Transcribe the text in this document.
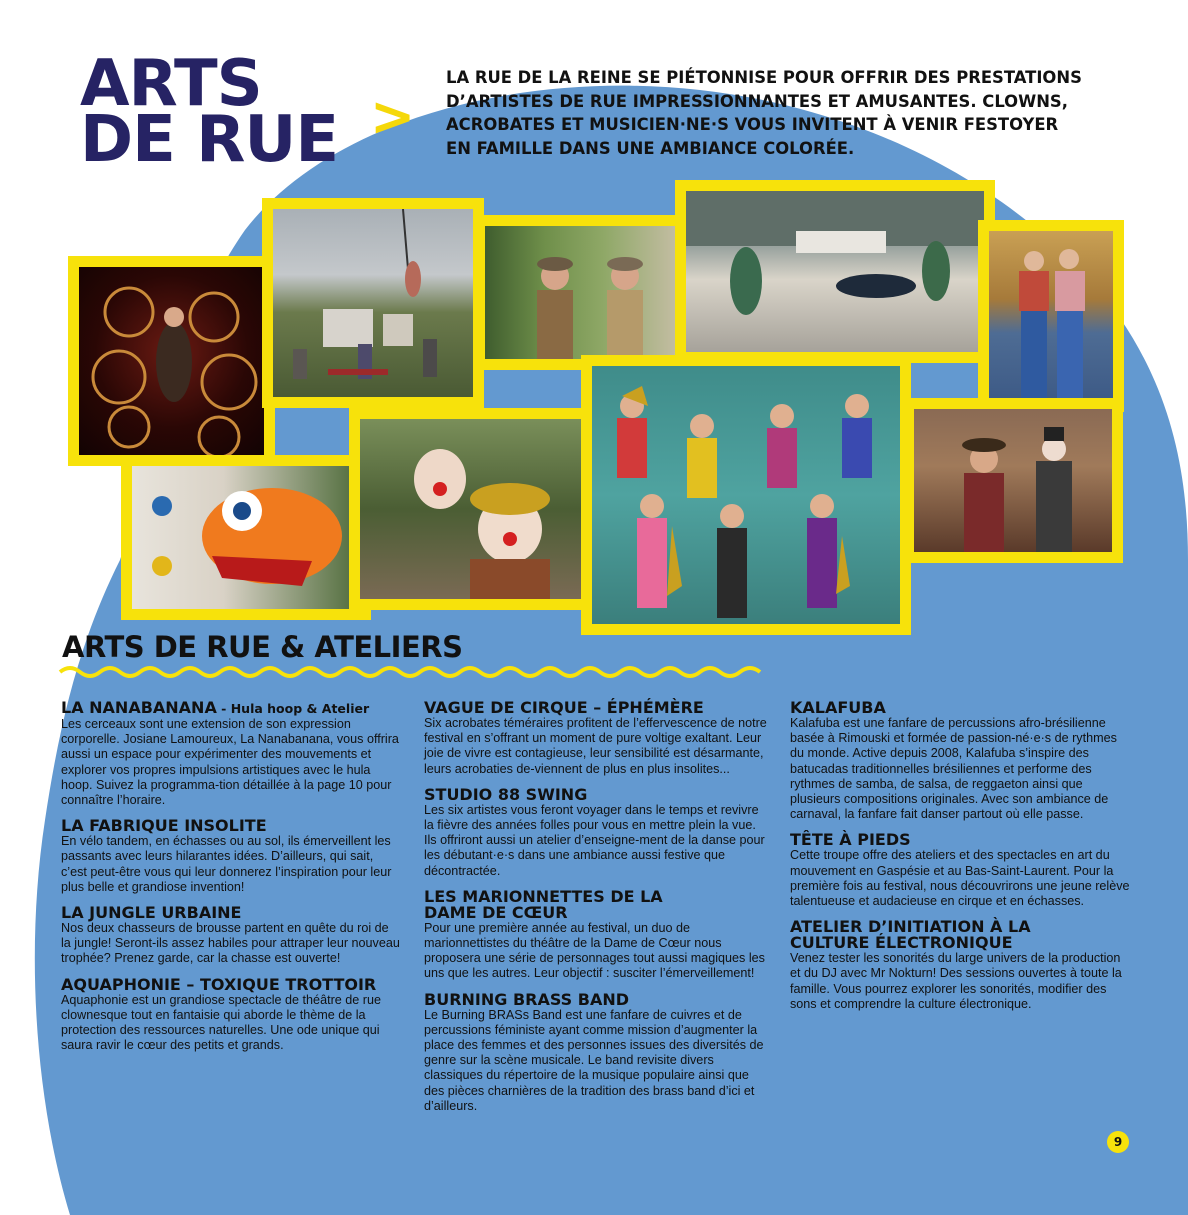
ARTS
DE RUE >

LA RUE DE LA REINE SE PIÉTONNISE POUR OFFRIR DES PRESTATIONS D’ARTISTES DE RUE IMPRESSIONNANTES ET AMUSANTES. CLOWNS, ACROBATES ET MUSICIEN·NE·S VOUS INVITENT À VENIR FESTOYER EN FAMILLE DANS UNE AMBIANCE COLORÉE.

ARTS DE RUE & ATELIERS
LA NANABANANA - Hula hoop & Atelier

Les cerceaux sont une extension de son expression corporelle. Josiane Lamoureux, La Nanabanana, vous offrira aussi un espace pour expérimenter des mouvements et explorer vos propres impulsions artistiques avec le hula hoop. Suivez la programma-tion détaillée à la page 10 pour connaître l’horaire.

LA FABRIQUE INSOLITE

En vélo tandem, en échasses ou au sol, ils émerveillent les passants avec leurs hilarantes idées. D’ailleurs, qui sait, c’est peut-être vous qui leur donnerez l’inspiration pour leur plus belle et grandiose invention!

LA JUNGLE URBAINE

Nos deux chasseurs de brousse partent en quête du roi de la jungle! Seront-ils assez habiles pour attraper leur nouveau trophée? Prenez garde, car la chasse est ouverte!

AQUAPHONIE – TOXIQUE TROTTOIR

Aquaphonie est un grandiose spectacle de théâtre de rue clownesque tout en fantaisie qui aborde le thème de la protection des ressources naturelles. Une ode unique qui saura ravir le cœur des petits et grands.

VAGUE DE CIRQUE – ÉPHÉMÈRE

Six acrobates téméraires profitent de l’effervescence de notre festival en s’offrant un moment de pure voltige exaltant. Leur joie de vivre est contagieuse, leur sensibilité est désarmante, leurs acrobaties de-viennent de plus en plus insolites...

STUDIO 88 SWING

Les six artistes vous feront voyager dans le temps et revivre la fièvre des années folles pour vous en mettre plein la vue. Ils offriront aussi un atelier d’enseigne-ment de la danse pour les débutant·e·s dans une ambiance aussi festive que décontractée.

LES MARIONNETTES DE LA DAME DE CŒUR

Pour une première année au festival, un duo de marionnettistes du théâtre de la Dame de Cœur nous proposera une série de personnages tout aussi magiques les uns que les autres. Leur objectif : susciter l’émerveillement!

BURNING BRASS BAND

Le Burning BRASs Band est une fanfare de cuivres et de percussions féministe ayant comme mission d’augmenter la place des femmes et des personnes issues des diversités de genre sur la scène musicale. Le band revisite divers classiques du répertoire de la musique populaire ainsi que des pièces charnières de la tradition des brass band d’ici et d’ailleurs.

KALAFUBA

Kalafuba est une fanfare de percussions afro-brésilienne basée à Rimouski et formée de passion-né·e·s de rythmes du monde. Active depuis 2008, Kalafuba s’inspire des batucadas traditionnelles brésiliennes et performe des rythmes de samba, de salsa, de reggaeton ainsi que plusieurs compositions originales. Avec son ambiance de carnaval, la fanfare fait danser partout où elle passe.

TÊTE À PIEDS

Cette troupe offre des ateliers et des spectacles en art du mouvement en Gaspésie et au Bas-Saint-Laurent. Pour la première fois au festival, nous découvrirons une jeune relève talentueuse et audacieuse en cirque et en échasses.

ATELIER D’INITIATION À LA CULTURE ÉLECTRONIQUE

Venez tester les sonorités du large univers de la production et du DJ avec Mr Nokturn! Des sessions ouvertes à toute la famille. Vous pourrez explorer les sonorités, modifier des sons et comprendre la culture électronique.

9
